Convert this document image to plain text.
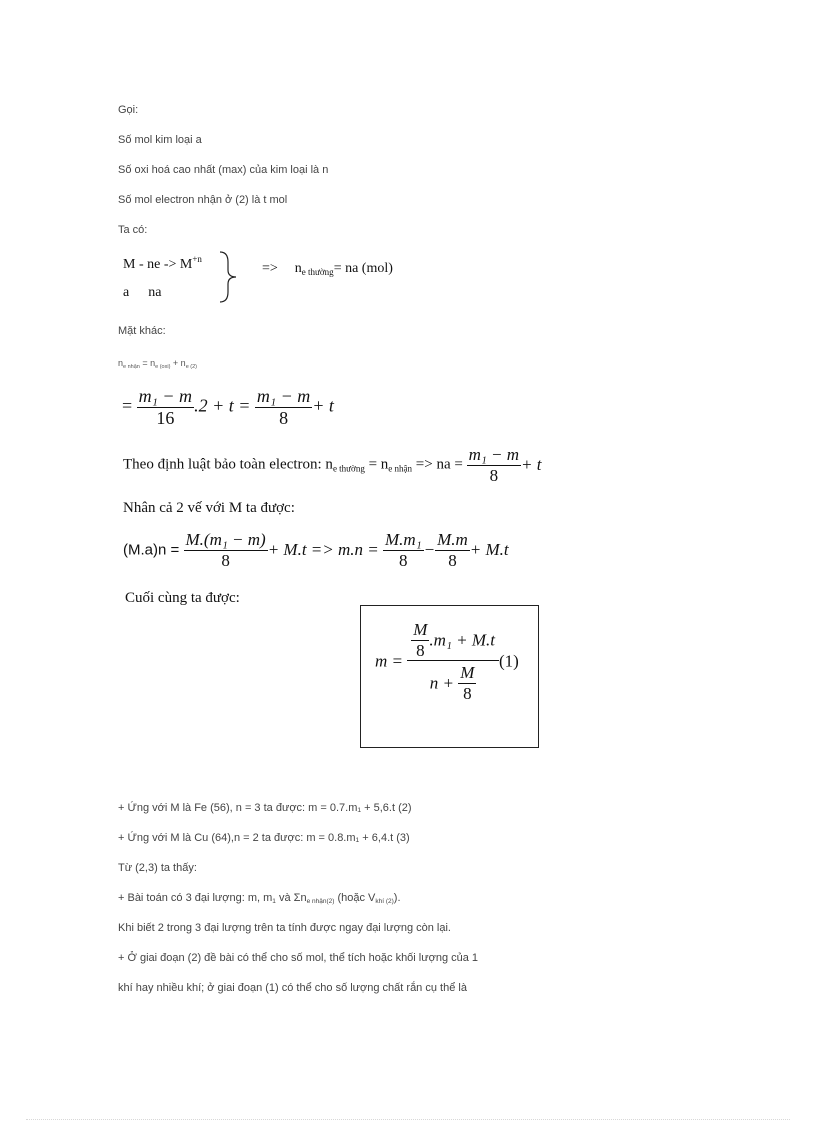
Gọi:
Số mol kim loại a
Số oxi hoá cao nhất (max) của kim loại là n
Số mol electron nhận ở (2) là t mol
Ta có:
M - ne -> $M^{+n}$
a na
=> $n_{e thường}=$ na (mol)
Mặt khác:
$n_{e nhận} = n_{e (oxi)} + n_{e (2)}$
= $\frac{\text{m₁ − m}}{16} .2 + t = \frac{\text{m₁ − m}}{8} + t$
Theo định luật bảo toàn electron: $n_{e thường} = n_{e nhận}$ => na = $\frac{\text{m₁ − m}}{8} + t$
Nhân cả 2 vế với M ta được:
$(M.a)n = \frac{\text{M.(m₁ − m)}}{8} + M.t => m.n = \frac{\text{M.m₁}}{8} - \frac{M.m}{8} + M.t$
Cuối cùng ta được:
$m = \frac{\frac{M}{8} .m_1 + M.t}{n + \frac{M}{8}} (1)$
+ Ứng với M là Fe (56), n = 3 ta được: m = 0.7.m₁ + 5,6.t (2)
+ Ứng với M là Cu (64),n = 2 ta được: m = 0.8.m₁ + 6,4.t (3)
Từ (2,3) ta thấy:
+ Bài toán có 3 đại lượng: m, $m_1$ và $\Sigma n_{e nhận(2)}$ (hoặc $V_{khí (2)}$).
Khi biết 2 trong 3 đại lượng trên ta tính được ngay đại lượng còn lại.
+ Ở giai đoạn (2) đề bài có thể cho số mol, thể tích hoặc khối lượng của 1
khí hay nhiều khí; ở giai đoạn (1) có thể cho số lượng chất rắn cụ thể là
